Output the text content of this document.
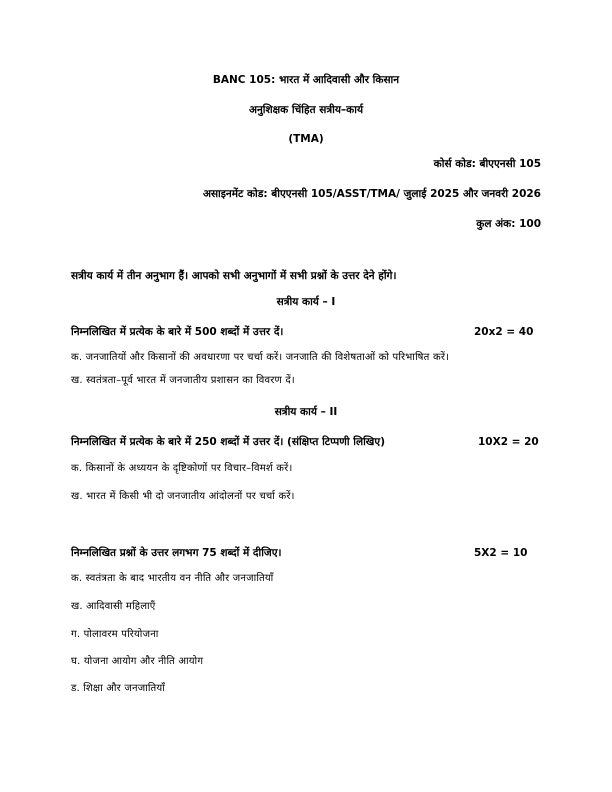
BANC 105: भारत में आदिवासी और किसान
अनुशिक्षक चिंहित सत्रीय–कार्य
(TMA)
कोर्स कोड: बीएएनसी 105
असाइनमेंट कोड: बीएएनसी 105/ASST/TMA/ जुलाई 2025 और जनवरी 2026
कुल अंक: 100
सत्रीय कार्य में तीन अनुभाग हैं। आपको सभी अनुभागों में सभी प्रश्नों के उत्तर देने होंगे।
सत्रीय कार्य – I
निम्नलिखित में प्रत्येक के बारे में 500 शब्दों में उत्तर दें।	20x2 = 40
क. जनजातियों और किसानों की अवधारणा पर चर्चा करें। जनजाति की विशेषताओं को परिभाषित करें।
ख. स्वतंत्रता–पूर्व भारत में जनजातीय प्रशासन का विवरण दें।
सत्रीय कार्य – II
निम्नलिखित में प्रत्येक के बारे में 250 शब्दों में उत्तर दें। (संक्षिप्त टिप्पणी लिखिए)	10X2 = 20
क. किसानों के अध्ययन के दृष्टिकोणों पर विचार–विमर्श करें।
ख. भारत में किसी भी दो जनजातीय आंदोलनों पर चर्चा करें।
निम्नलिखित प्रश्नों के उत्तर लगभग 75 शब्दों में दीजिए।	5X2 = 10
क. स्वतंत्रता के बाद भारतीय वन नीति और जनजातियाँ
ख. आदिवासी महिलाएँ
ग. पोलावरम परियोजना
घ. योजना आयोग और नीति आयोग
ड. शिक्षा और जनजातियाँ
